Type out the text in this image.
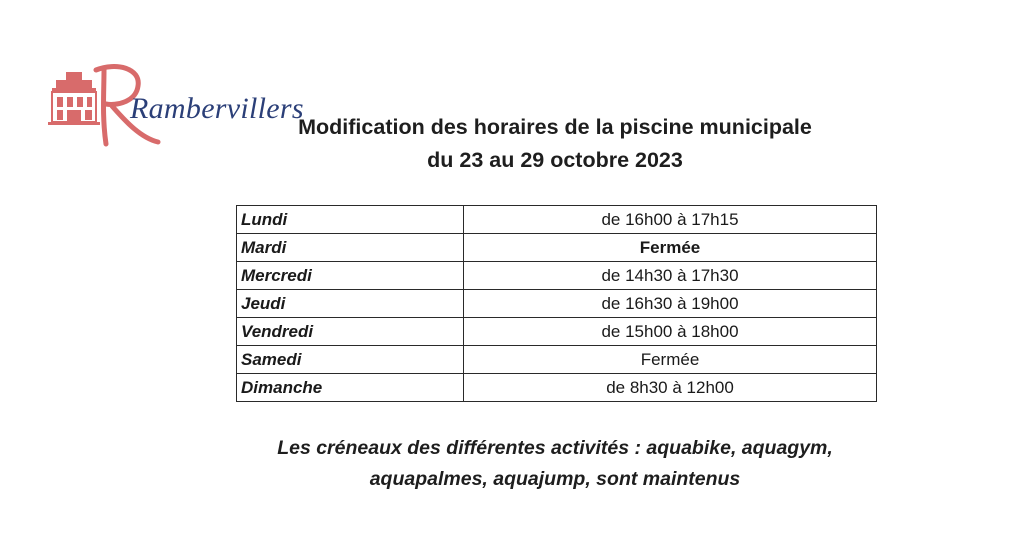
Rambervillers
Modification des horaires de la piscine municipale
du 23 au 29 octobre 2023
Lundi	de 16h00 à 17h15
Mardi	Fermée
Mercredi	de 14h30 à 17h30
Jeudi	de 16h30 à 19h00
Vendredi	de 15h00 à 18h00
Samedi	Fermée
Dimanche	de 8h30 à 12h00
Les créneaux des différentes activités : aquabike, aquagym,
aquapalmes, aquajump, sont maintenus
